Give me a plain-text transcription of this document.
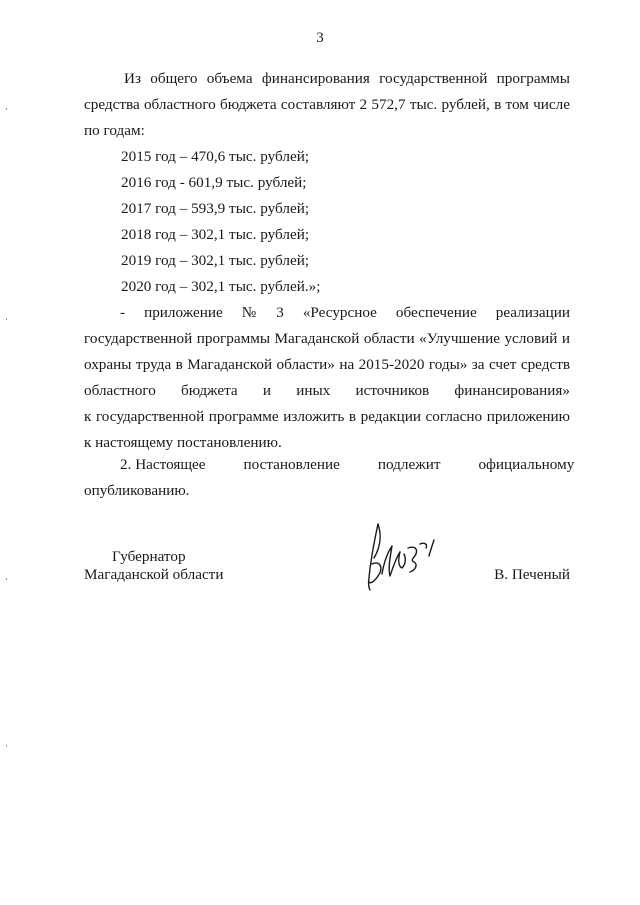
3
Из общего объема финансирования государственной программы
средства областного бюджета составляют 2 572,7 тыс. рублей, в том числе
по годам:
2015 год – 470,6 тыс. рублей;
2016 год - 601,9 тыс. рублей;
2017 год – 593,9 тыс. рублей;
2018 год – 302,1 тыс. рублей;
2019 год – 302,1 тыс. рублей;
2020 год – 302,1 тыс. рублей.»;
-    приложение    №    3    «Ресурсное    обеспечение    реализации
государственной программы Магаданской области «Улучшение условий и
охраны труда в Магаданской области» на 2015-2020 годы» за счет средств
областного     бюджета     и     иных     источников     финансирования»
к государственной программе изложить в редакции согласно приложению
к настоящему постановлению.
2. Настоящее          постановление          подлежит          официальному
опубликованию.
Губернатор
Магаданской области	В. Печеный
